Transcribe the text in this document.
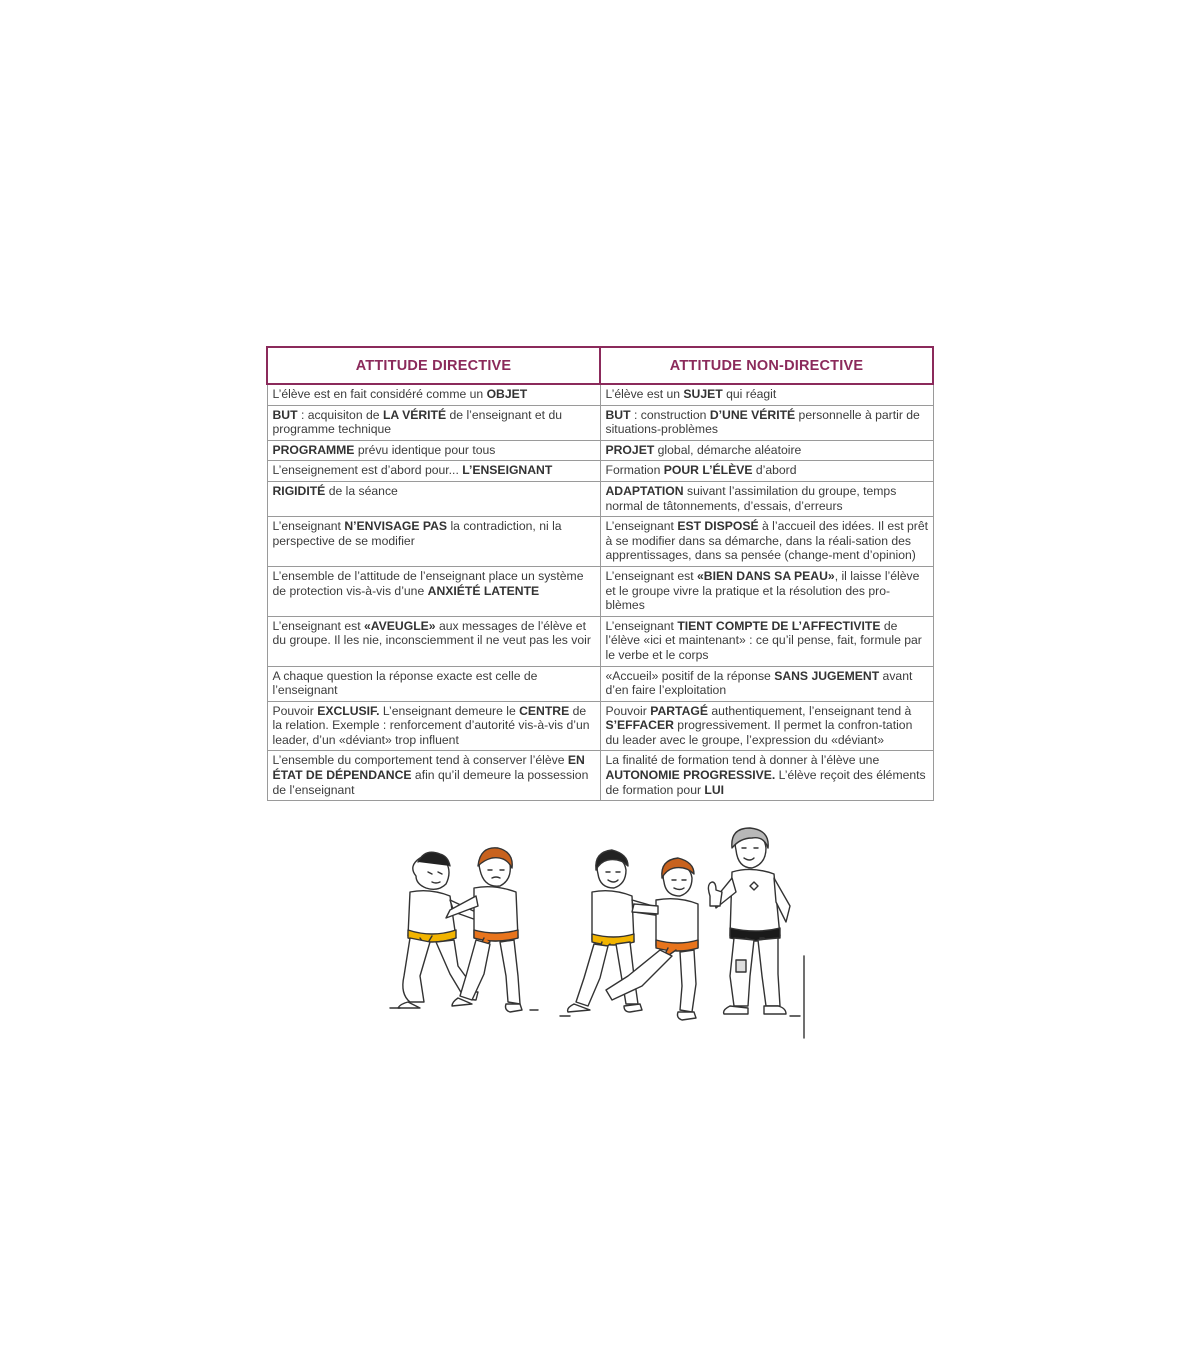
ATTITUDE DIRECTIVE	ATTITUDE NON-DIRECTIVE
L’élève est en fait considéré comme un OBJET	L’élève est un SUJET qui réagit
BUT : acquisiton de LA VÉRITÉ de l’enseignant et du programme technique	BUT : construction D’UNE VÉRITÉ personnelle à partir de situations-problèmes
PROGRAMME prévu identique pour tous	PROJET global, démarche aléatoire
L’enseignement est d’abord pour... L’ENSEIGNANT	Formation POUR L’ÉLÈVE d’abord
RIGIDITÉ de la séance	ADAPTATION suivant l’assimilation du groupe, temps normal de tâtonnements, d’essais, d’erreurs
L’enseignant N’ENVISAGE PAS la contradiction, ni la perspective de se modifier	L’enseignant EST DISPOSÉ à l’accueil des idées. Il est prêt à se modifier dans sa démarche, dans la réali-sation des apprentissages, dans sa pensée (change-ment d’opinion)
L’ensemble de l’attitude de l’enseignant place un système de protection vis-à-vis d’une ANXIÉTÉ LATENTE	L’enseignant est «BIEN DANS SA PEAU», il laisse l’élève et le groupe vivre la pratique et la résolution des pro-blèmes
L’enseignant est «AVEUGLE» aux messages de l’élève et du groupe. Il les nie, inconsciemment il ne veut pas les voir	L’enseignant TIENT COMPTE DE L’AFFECTIVITE de l’élève «ici et maintenant» : ce qu’il pense, fait, formule par le verbe et le corps
A chaque question la réponse exacte est celle de l’enseignant	«Accueil» positif de la réponse SANS JUGEMENT avant d’en faire l’exploitation
Pouvoir EXCLUSIF. L’enseignant demeure le CENTRE de la relation. Exemple : renforcement d’autorité vis-à-vis d’un leader, d’un «déviant» trop influent	Pouvoir PARTAGÉ authentiquement, l’enseignant tend à S’EFFACER progressivement. Il permet la confron-tation du leader avec le groupe, l’expression du «déviant»
L’ensemble du comportement tend à conserver l’élève EN ÉTAT DE DÉPENDANCE afin qu’il demeure la possession de l’enseignant	La finalité de formation tend à donner à l’élève une AUTONOMIE PROGRESSIVE. L’élève reçoit des éléments de formation pour LUI
